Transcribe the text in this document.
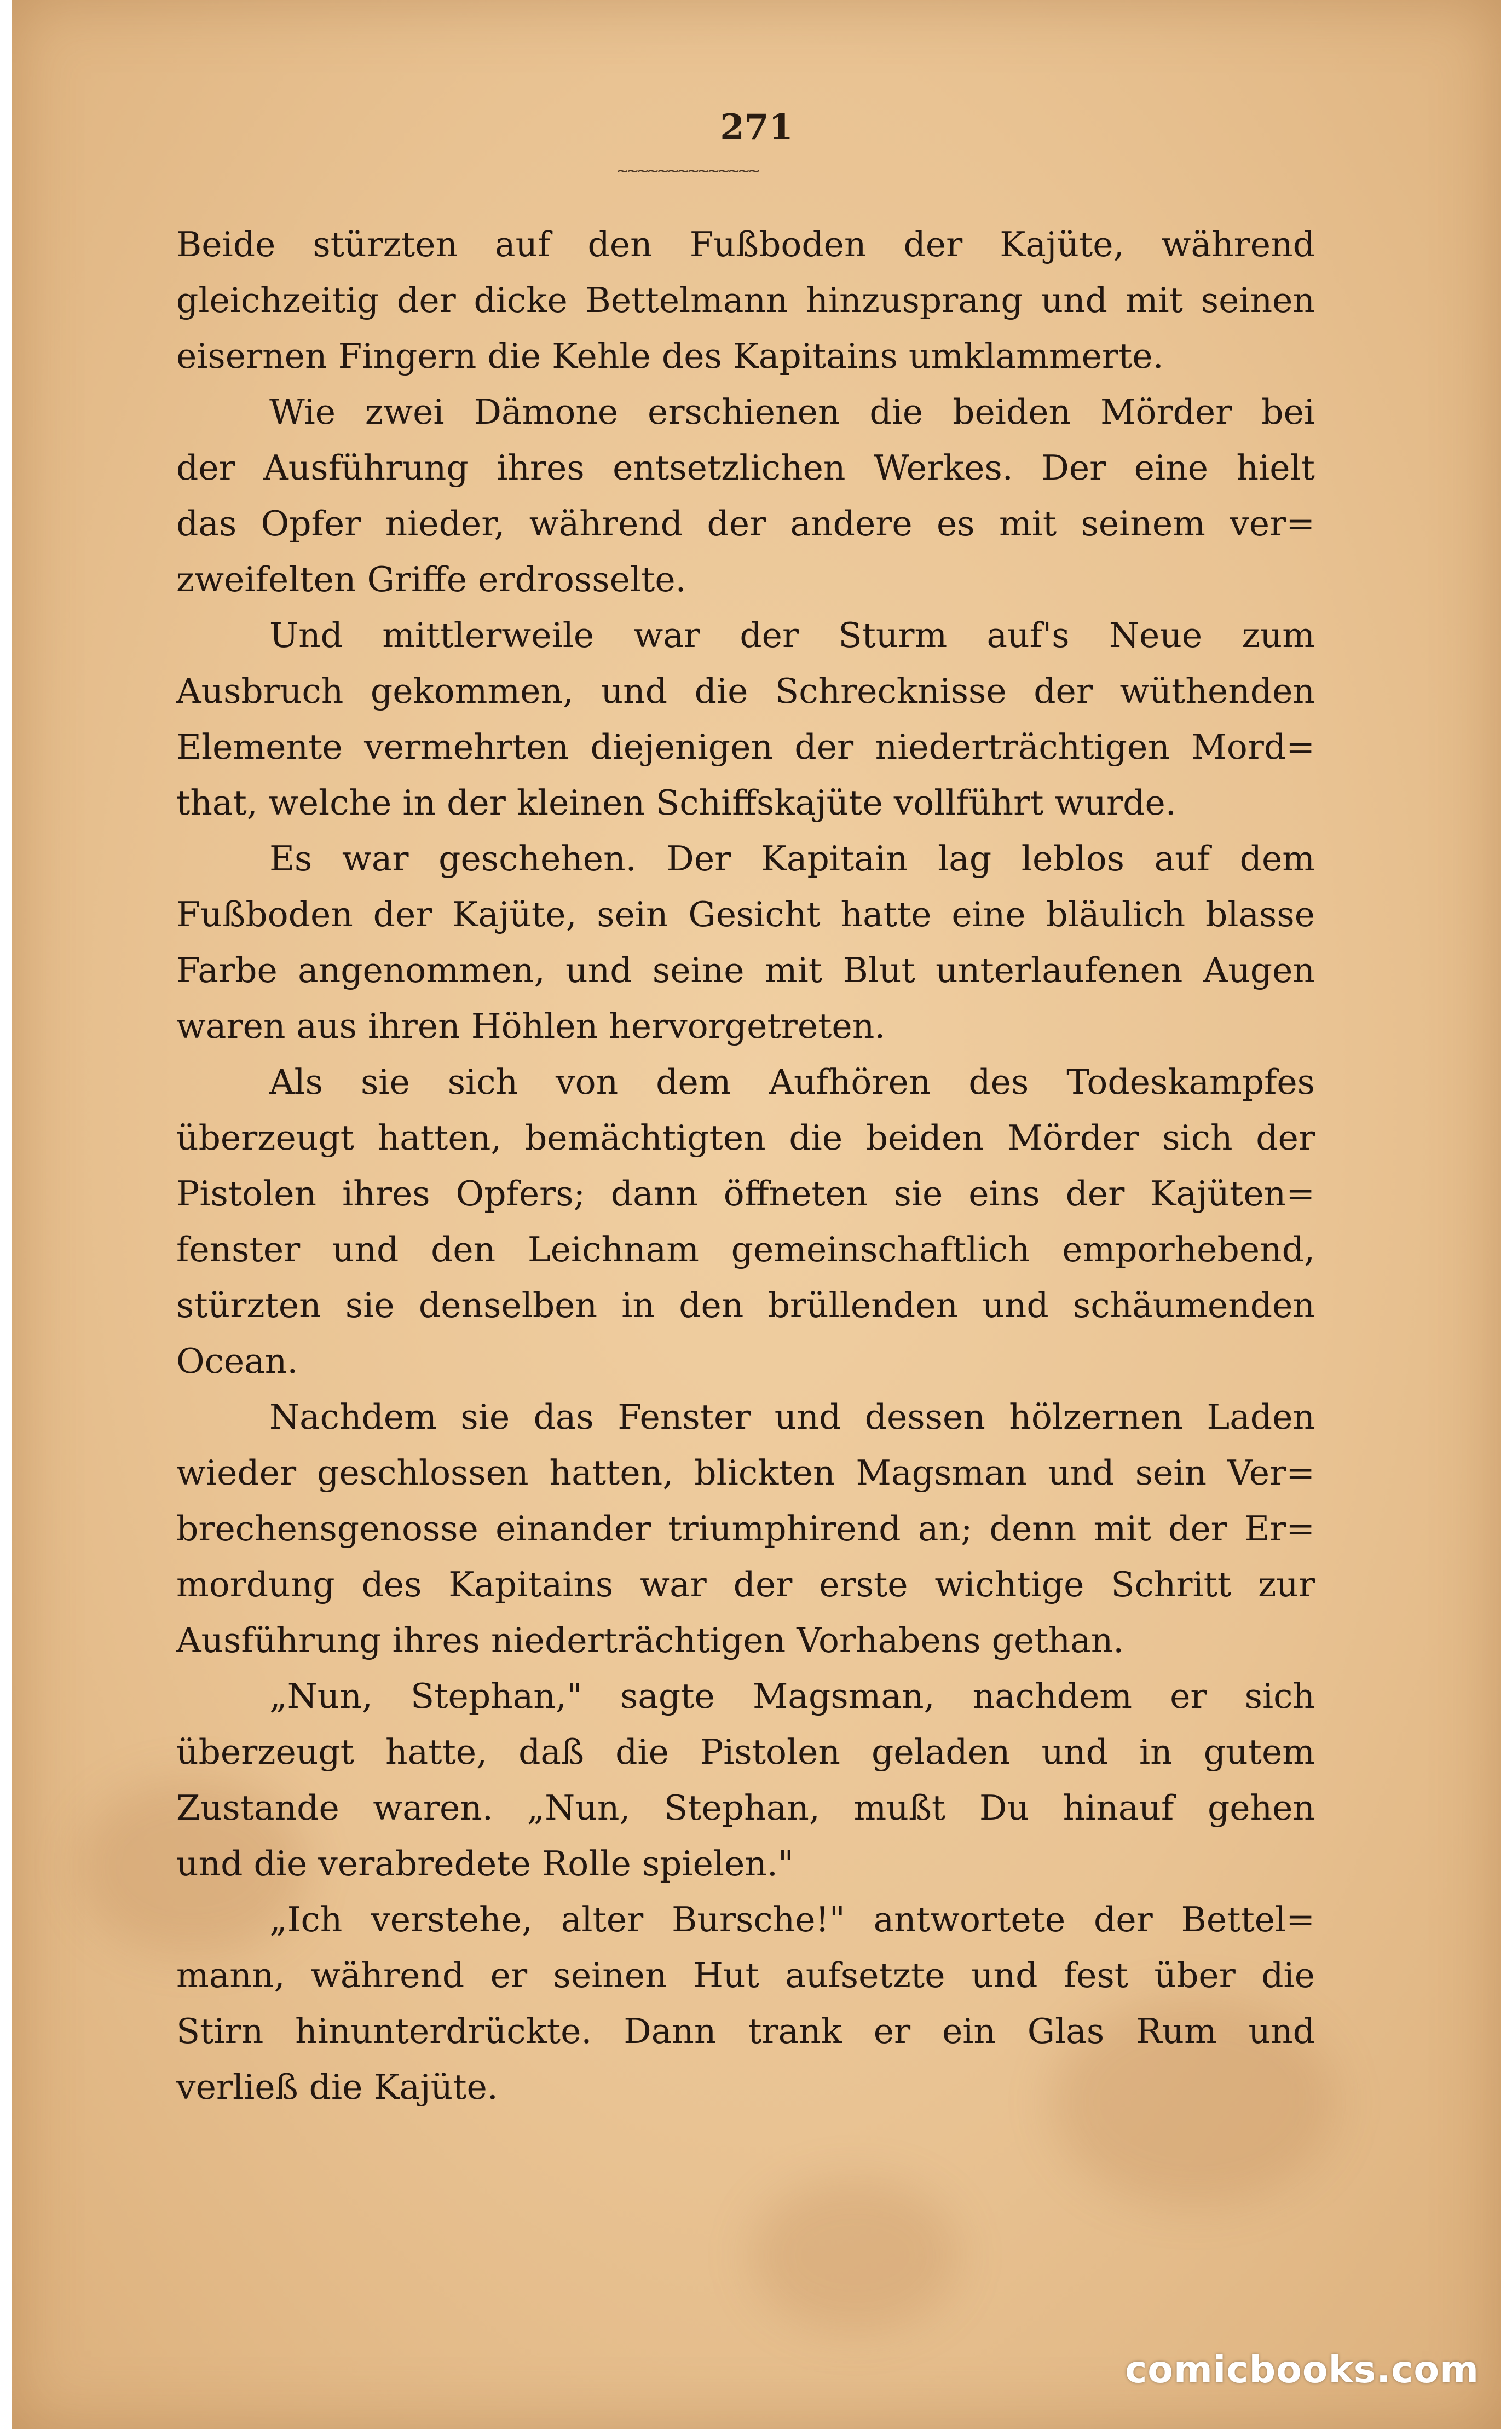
271
~~~~~~~~~~~~~~
Beide stürzten auf den Fußboden der Kajüte, während
gleichzeitig der dicke Bettelmann hinzusprang und mit seinen
eisernen Fingern die Kehle des Kapitains umklammerte.
Wie zwei Dämone erschienen die beiden Mörder bei
der Ausführung ihres entsetzlichen Werkes. Der eine hielt
das Opfer nieder, während der andere es mit seinem ver=
zweifelten Griffe erdrosselte.
Und mittlerweile war der Sturm auf's Neue zum
Ausbruch gekommen, und die Schrecknisse der wüthenden
Elemente vermehrten diejenigen der niederträchtigen Mord=
that, welche in der kleinen Schiffskajüte vollführt wurde.
Es war geschehen. Der Kapitain lag leblos auf dem
Fußboden der Kajüte, sein Gesicht hatte eine bläulich blasse
Farbe angenommen, und seine mit Blut unterlaufenen Augen
waren aus ihren Höhlen hervorgetreten.
Als sie sich von dem Aufhören des Todeskampfes
überzeugt hatten, bemächtigten die beiden Mörder sich der
Pistolen ihres Opfers; dann öffneten sie eins der Kajüten=
fenster und den Leichnam gemeinschaftlich emporhebend,
stürzten sie denselben in den brüllenden und schäumenden
Ocean.
Nachdem sie das Fenster und dessen hölzernen Laden
wieder geschlossen hatten, blickten Magsman und sein Ver=
brechensgenosse einander triumphirend an; denn mit der Er=
mordung des Kapitains war der erste wichtige Schritt zur
Ausführung ihres niederträchtigen Vorhabens gethan.
„Nun, Stephan," sagte Magsman, nachdem er sich
überzeugt hatte, daß die Pistolen geladen und in gutem
Zustande waren. „Nun, Stephan, mußt Du hinauf gehen
und die verabredete Rolle spielen."
„Ich verstehe, alter Bursche!" antwortete der Bettel=
mann, während er seinen Hut aufsetzte und fest über die
Stirn hinunterdrückte. Dann trank er ein Glas Rum und
verließ die Kajüte.
comicbooks.com
